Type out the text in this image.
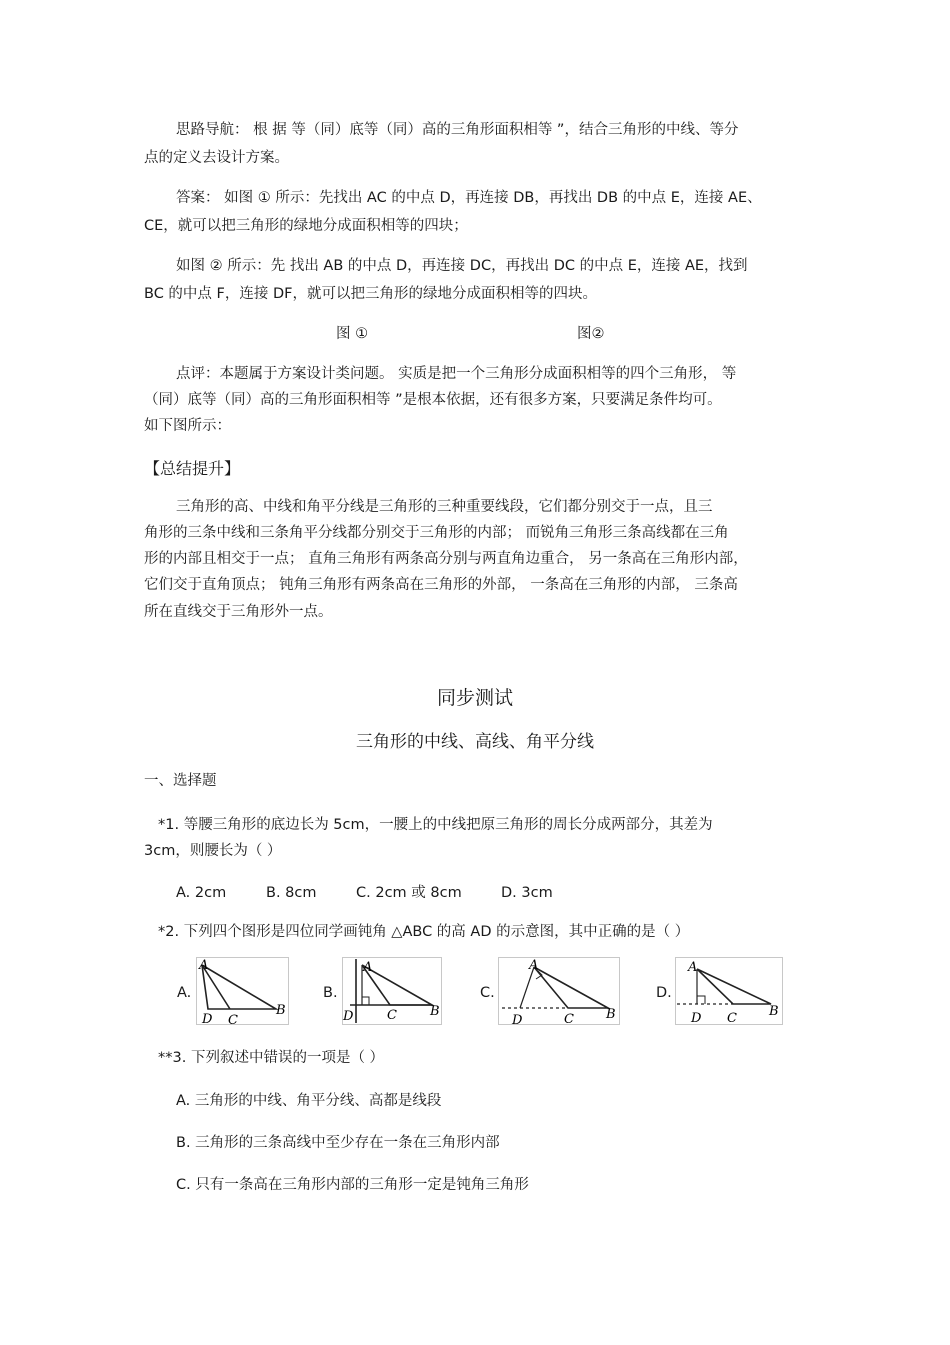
思路导航： 根 据 等（同）底等（同）高的三角形面积相等 ”，结合三角形的中线、等分
点的定义去设计方案。
答案： 如图 ① 所示：先找出 AC 的中点 D，再连接 DB，再找出 DB 的中点 E，连接 AE、
CE，就可以把三角形的绿地分成面积相等的四块；
如图 ② 所示：先 找出 AB 的中点 D，再连接 DC，再找出 DC 的中点 E，连接 AE，找到
BC 的中点 F，连接 DF，就可以把三角形的绿地分成面积相等的四块。
图 ①	图②
点评：本题属于方案设计类问题。 实质是把一个三角形分成面积相等的四个三角形， 等
（同）底等（同）高的三角形面积相等 ”是根本依据，还有很多方案，只要满足条件均可。
如下图所示：
【总结提升】
三角形的高、中线和角平分线是三角形的三种重要线段，它们都分别交于一点，且三
角形的三条中线和三条角平分线都分别交于三角形的内部； 而锐角三角形三条高线都在三角
形的内部且相交于一点； 直角三角形有两条高分别与两直角边重合， 另一条高在三角形内部，
它们交于直角顶点； 钝角三角形有两条高在三角形的外部， 一条高在三角形的内部， 三条高
所在直线交于三角形外一点。
同步测试
三角形的中线、高线、角平分线
一、选择题
*1. 等腰三角形的底边长为 5cm，一腰上的中线把原三角形的周长分成两部分，其差为
3cm，则腰长为（ ）
A. 2cm	B. 8cm	C. 2cm 或 8cm	D. 3cm
*2. 下列四个图形是四位同学画钝角 △ABC 的高 AD 的示意图，其中正确的是（ ）
A.
A
D C
B
B.
A
D	C	B
C.
A
D	C B
D.
A
D C B
**3. 下列叙述中错误的一项是（ ）
A. 三角形的中线、角平分线、高都是线段
B. 三角形的三条高线中至少存在一条在三角形内部
C. 只有一条高在三角形内部的三角形一定是钝角三角形
